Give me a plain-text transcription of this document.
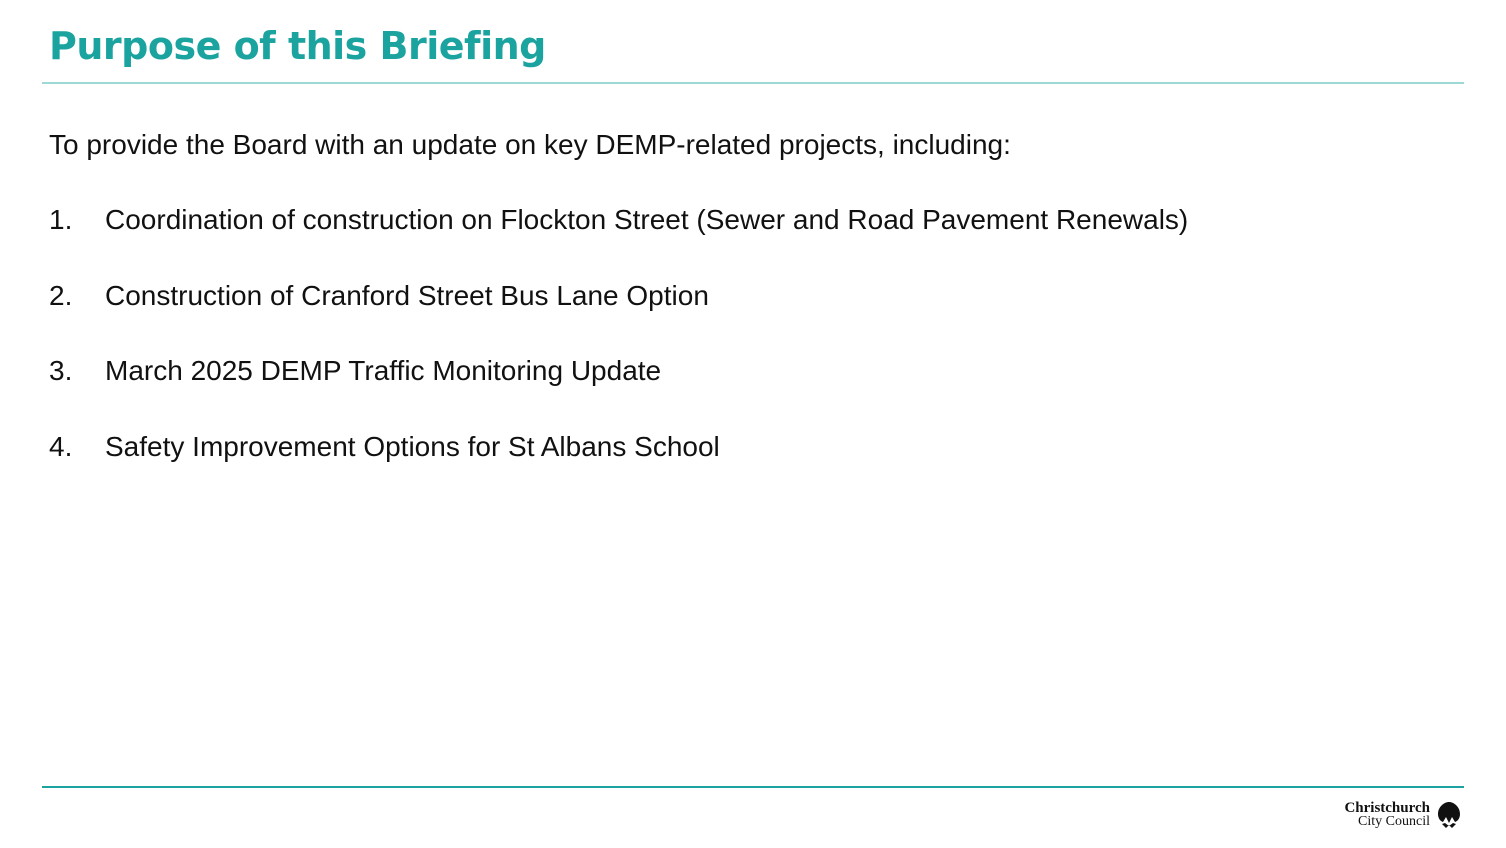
Purpose of this Briefing
To provide the Board with an update on key DEMP-related projects, including:
1.	Coordination of construction on Flockton Street (Sewer and Road Pavement Renewals)
2.	Construction of Cranford Street Bus Lane Option
3.	March 2025 DEMP Traffic Monitoring Update
4.	Safety Improvement Options for St Albans School
Christchurch
City Council
